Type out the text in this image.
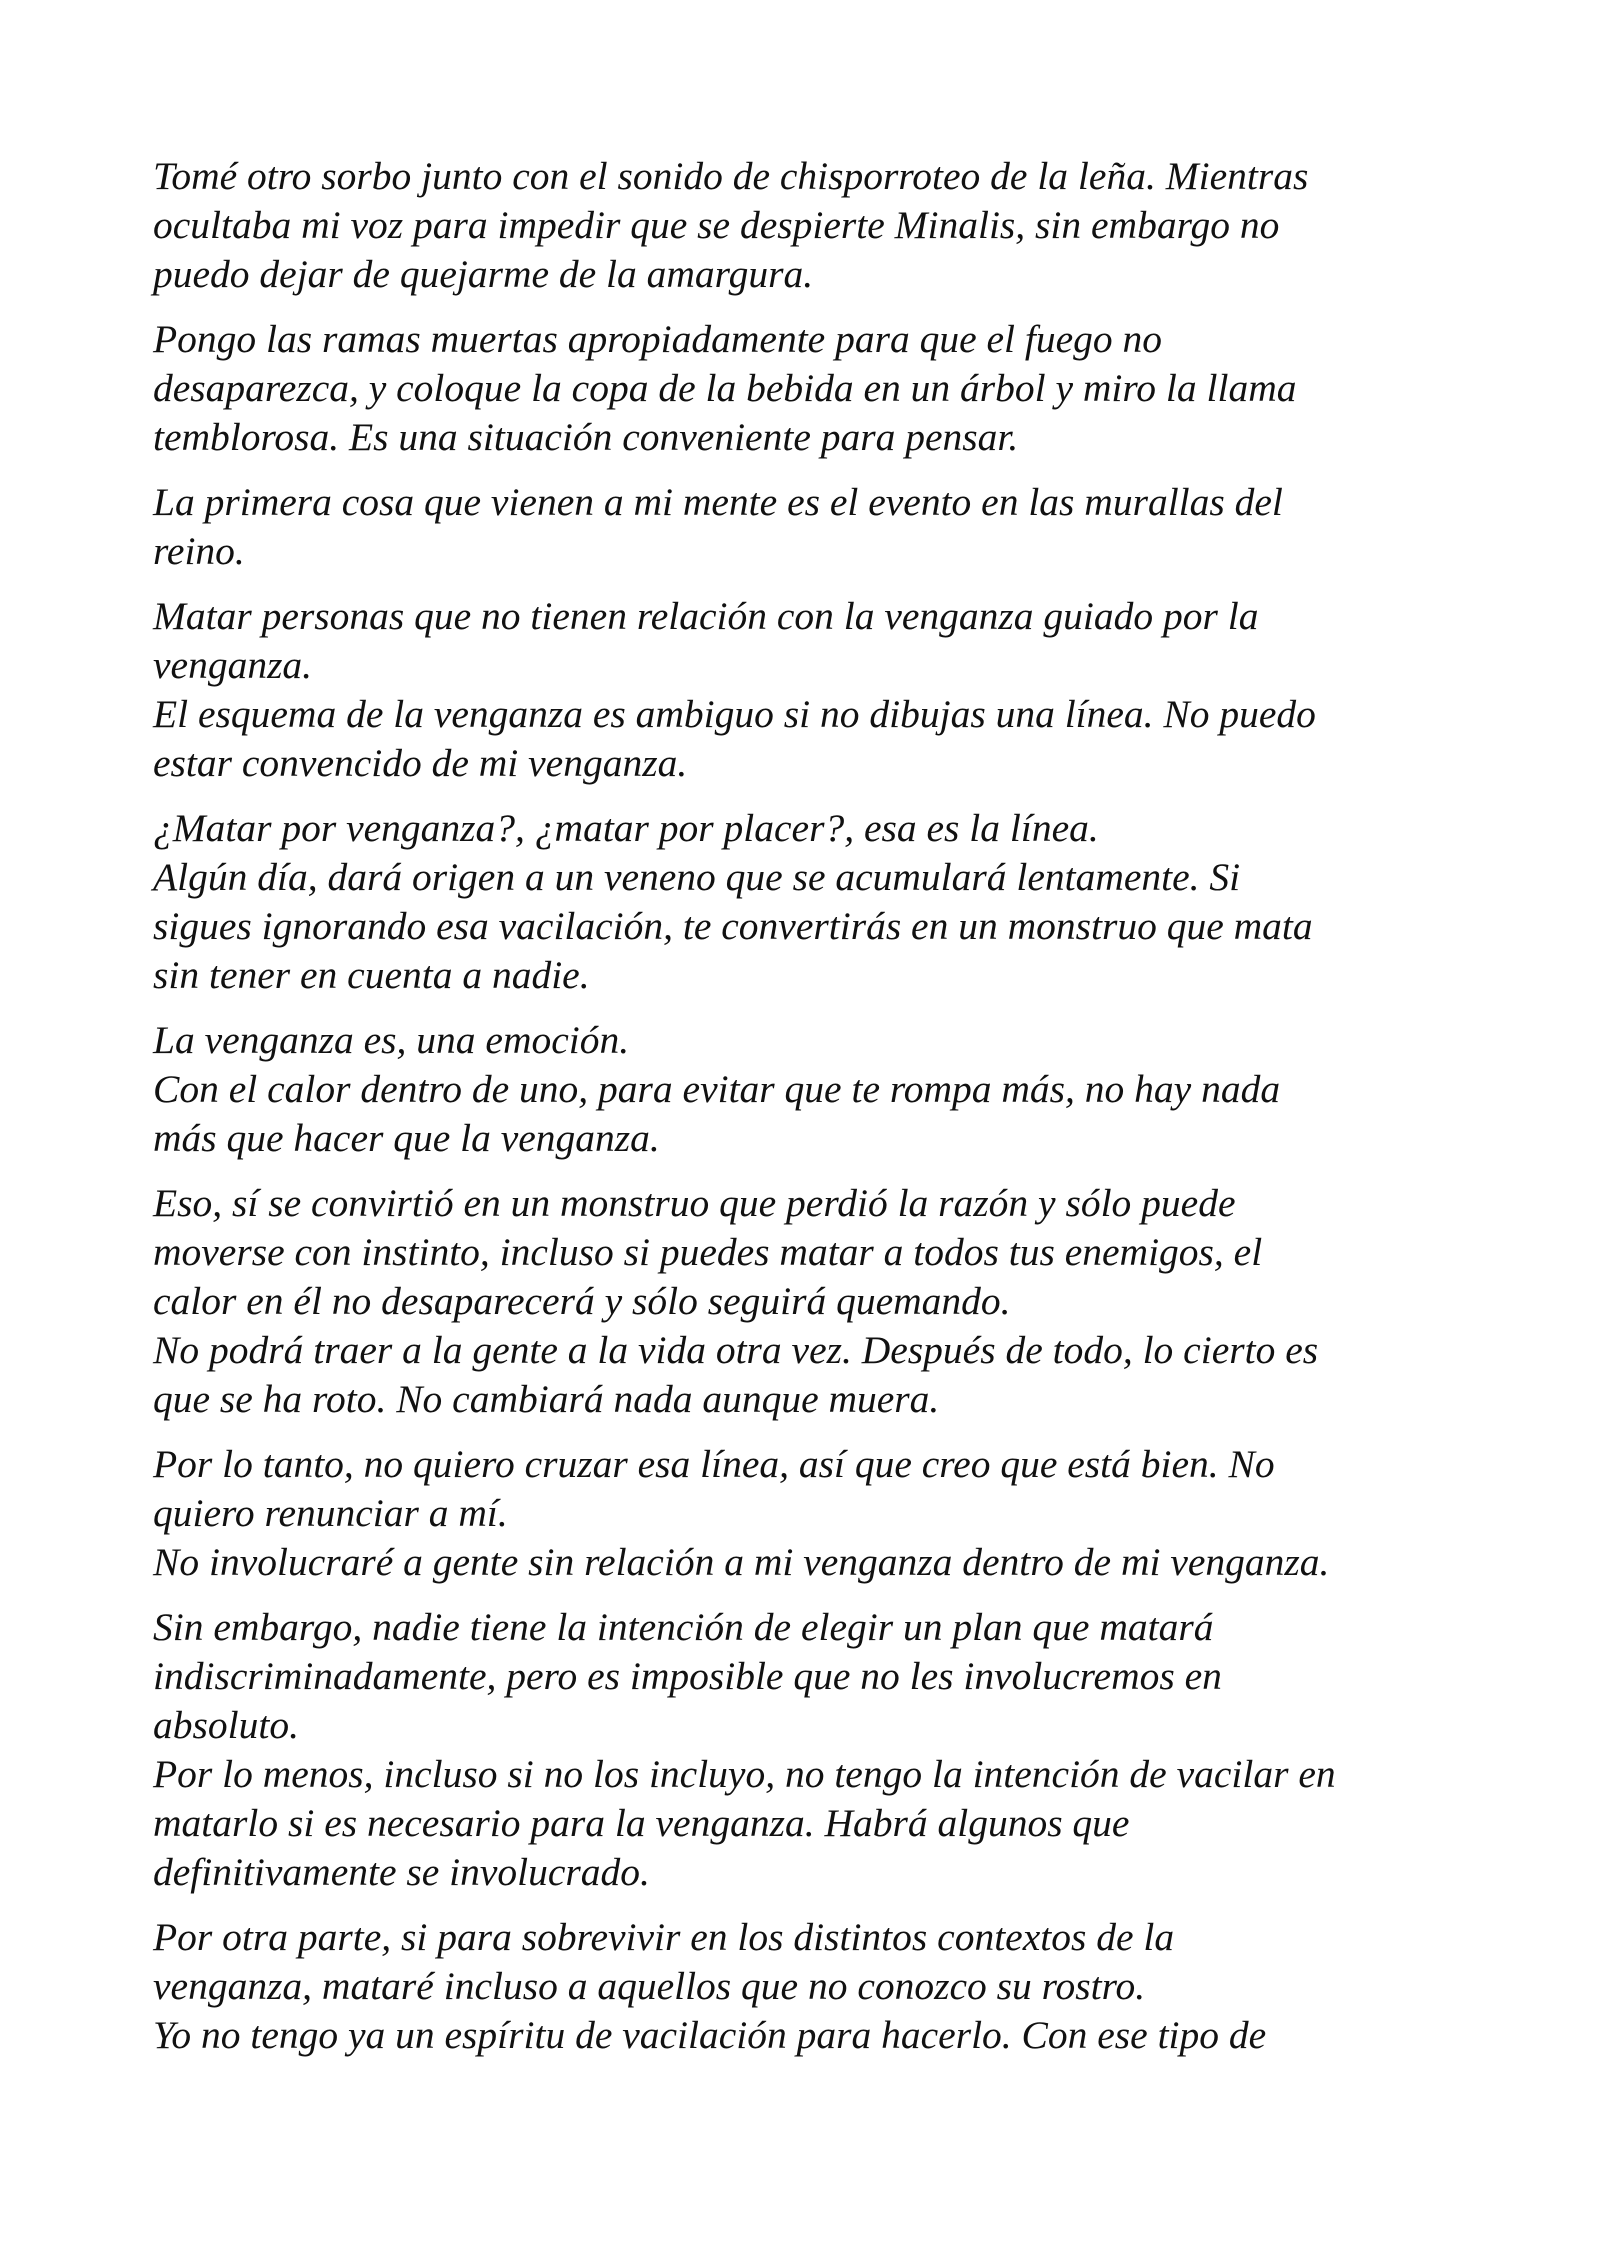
Tomé otro sorbo junto con el sonido de chisporroteo de la leña. Mientras
ocultaba mi voz para impedir que se despierte Minalis, sin embargo no
puedo dejar de quejarme de la amargura.

Pongo las ramas muertas apropiadamente para que el fuego no
desaparezca, y coloque la copa de la bebida en un árbol y miro la llama
temblorosa. Es una situación conveniente para pensar.

La primera cosa que vienen a mi mente es el evento en las murallas del
reino.

Matar personas que no tienen relación con la venganza guiado por la
venganza.
El esquema de la venganza es ambiguo si no dibujas una línea. No puedo
estar convencido de mi venganza.

¿Matar por venganza?, ¿matar por placer?, esa es la línea.
Algún día, dará origen a un veneno que se acumulará lentamente. Si
sigues ignorando esa vacilación, te convertirás en un monstruo que mata
sin tener en cuenta a nadie.

La venganza es, una emoción.
Con el calor dentro de uno, para evitar que te rompa más, no hay nada
más que hacer que la venganza.

Eso, sí se convirtió en un monstruo que perdió la razón y sólo puede
moverse con instinto, incluso si puedes matar a todos tus enemigos, el
calor en él no desaparecerá y sólo seguirá quemando.
No podrá traer a la gente a la vida otra vez. Después de todo, lo cierto es
que se ha roto. No cambiará nada aunque muera.

Por lo tanto, no quiero cruzar esa línea, así que creo que está bien. No
quiero renunciar a mí.
No involucraré a gente sin relación a mi venganza dentro de mi venganza.

Sin embargo, nadie tiene la intención de elegir un plan que matará
indiscriminadamente, pero es imposible que no les involucremos en
absoluto.
Por lo menos, incluso si no los incluyo, no tengo la intención de vacilar en
matarlo si es necesario para la venganza. Habrá algunos que
definitivamente se involucrado.

Por otra parte, si para sobrevivir en los distintos contextos de la
venganza, mataré incluso a aquellos que no conozco su rostro.
Yo no tengo ya un espíritu de vacilación para hacerlo. Con ese tipo de
